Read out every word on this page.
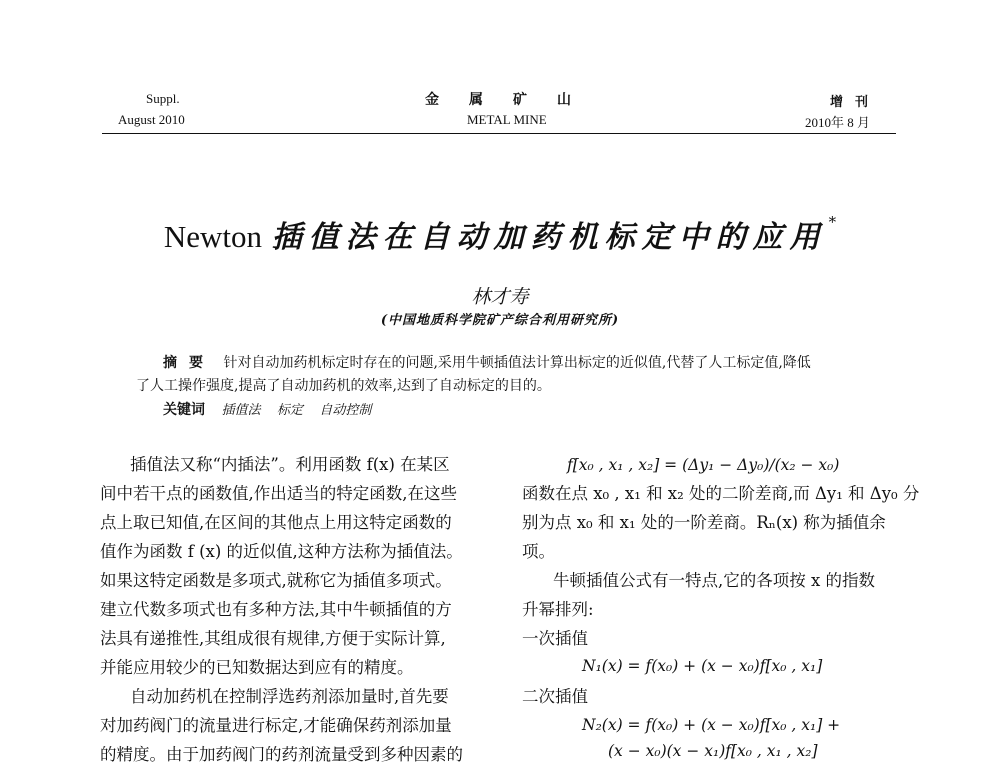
Suppl.
August 2010
金属矿山
METAL MINE
增刊
2010年 8 月
Newton 插值法在自动加药机标定中的应用 *
林才寿
(中国地质科学院矿产综合利用研究所)
摘要 针对自动加药机标定时存在的问题,采用牛顿插值法计算出标定的近似值,代替了人工标定值,降低
了人工操作强度,提高了自动加药机的效率,达到了自动标定的目的。
关键词 插值法 标定 自动控制
插值法又称“内插法”。利用函数 f(x) 在某区
间中若干点的函数值,作出适当的特定函数,在这些
点上取已知值,在区间的其他点上用这特定函数的
值作为函数 f (x) 的近似值,这种方法称为插值法。
如果这特定函数是多项式,就称它为插值多项式。
建立代数多项式也有多种方法,其中牛顿插值的方
法具有递推性,其组成很有规律,方便于实际计算,
并能应用较少的已知数据达到应有的精度。
自动加药机在控制浮选药剂添加量时,首先要
对加药阀门的流量进行标定,才能确保药剂添加量
的精度。由于加药阀门的药剂流量受到多种因素的
f[x₀ , x₁ , x₂] = (Δy₁ − Δy₀)/(x₂ − x₀)
函数在点 x₀ , x₁ 和 x₂ 处的二阶差商,而 Δy₁ 和 Δy₀ 分
别为点 x₀ 和 x₁ 处的一阶差商。Rₙ(x) 称为插值余
项。
牛顿插值公式有一特点,它的各项按 x 的指数
升幂排列:
一次插值
N₁(x) = f(x₀) + (x − x₀)f[x₀ , x₁]
二次插值
N₂(x) = f(x₀) + (x − x₀)f[x₀ , x₁] +
(x − x₀)(x − x₁)f[x₀ , x₁ , x₂]
